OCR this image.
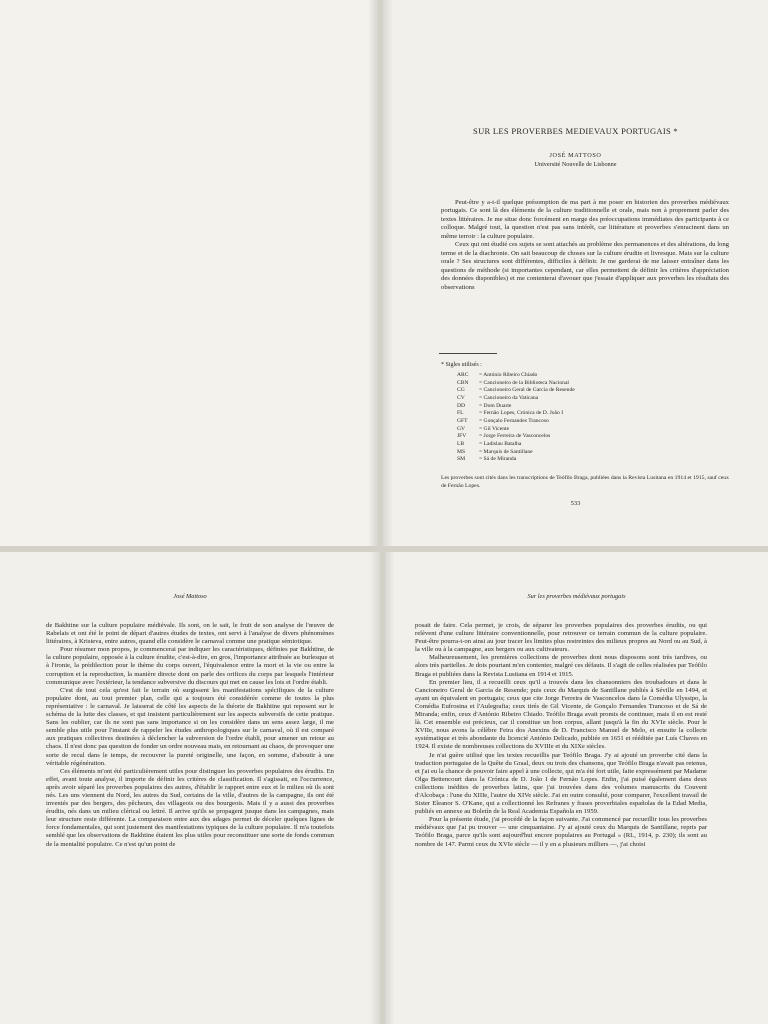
SUR LES PROVERBES MEDIEVAUX PORTUGAIS *
JOSÉ MATTOSO
Université Nouvelle de Lisbonne

Peut-être y a-t-il quelque présomption de ma part à me poser en historien des proverbes médiévaux portugais. Ce sont là des éléments de la culture traditionnelle et orale, mais non à proprement parler des textes littéraires. Je me situe donc forcément en marge des préoccupations immédiates des participants à ce colloque. Malgré tout, la question n'est pas sans intérêt, car littérature et proverbes s'enracinent dans un même terroir : la culture populaire.

Ceux qui ont étudié ces sujets se sont attachés au problème des permanences et des altérations, du long terme et de la diachronie. On sait beaucoup de choses sur la culture érudite et livresque. Mais sur la culture orale ? Ses structures sont différentes, difficiles à définir. Je me garderai de me laisser entraîner dans les questions de méthode (si importantes cependant, car elles permettent de définir les critères d'appréciation des données disponibles) et me contenterai d'avouer que j'essaie d'appliquer aux proverbes les résultats des observations

* Sigles utilisés :
ARC	= António Ribeiro Chiado
CBN	= Cancioneiro de la Biblioteca Nacional
CG	= Cancioneiro Geral de Garcia de Resende
CV	= Cancioneiro da Vaticana
DD	= Dom Duarte
FL	= Fernão Lopes, Crónica de D. João I
GFT	= Gonçalo Fernandes Trancoso
GV	= Gil Vicente
JFV	= Jorge Ferreira de Vasconcelos
LB	= Ladislau Batalha
MS	= Marquis de Santillane
SM	= Sá de Miranda
Les proverbes sont cités dans les transcriptions de Teófilo Braga, publiées dans la Revista Lusitana en 1914 et 1915, sauf ceux de Fernão Lopes.
533
José Mattoso

de Bakhtine sur la culture populaire médiévale. Ils sont, on le sait, le fruit de son analyse de l'œuvre de Rabelais et ont été le point de départ d'autres études de textes, ont servi à l'analyse de divers phénomènes littéraires, à Kristeva, entre autres, quand elle considère le carnaval comme une pratique sémiotique.

Pour résumer mon propos, je commencerai par indiquer les caractéristiques, définies par Bakhtine, de la culture populaire, opposée à la culture érudite, c'est-à-dire, en gros, l'importance attribuée au burlesque et à l'ironie, la prédilection pour le thème du corps ouvert, l'équivalence entre la mort et la vie ou entre la corruption et la reproduction, la manière directe dont on parle des orifices du corps par lesquels l'intérieur communique avec l'extérieur, la tendance subversive du discours qui met en cause les lois et l'ordre établi.

C'est de tout cela qu'est fait le terrain où surgissent les manifestations spécifiques de la culture populaire dont, au tout premier plan, celle qui a toujours été considérée comme de toutes la plus représentative : le carnaval. Je laisserai de côté les aspects de la théorie de Bakhtine qui reposent sur le schéma de la lutte des classes, et qui insistent particulièrement sur les aspects subversifs de cette pratique. Sans les oublier, car ils ne sont pas sans importance si on les considère dans un sens assez large, il me semble plus utile pour l'instant de rappeler les études anthropologiques sur le carnaval, où il est comparé aux pratiques collectives destinées à déclencher la subversion de l'ordre établi, pour amener un retour au chaos. Il n'est donc pas question de fonder un ordre nouveau mais, en retournant au chaos, de provoquer une sorte de recul dans le temps, de recouvrer la pureté originelle, une façon, en somme, d'aboutir à une véritable régénération.

Ces éléments m'ont été particulièrement utiles pour distinguer les proverbes populaires des érudits. En effet, avant toute analyse, il importe de définir les critères de classification. Il s'agissait, en l'occurrence, après avoir séparé les proverbes populaires des autres, d'établir le rapport entre eux et le milieu où ils sont nés. Les uns viennent du Nord, les autres du Sud, certains de la ville, d'autres de la campagne, ils ont été inventés par des bergers, des pêcheurs, des villageois ou des bourgeois. Mais il y a aussi des proverbes érudits, nés dans un milieu clérical ou lettré. Il arrive qu'ils se propagent jusque dans les campagnes, mais leur structure reste différente. La comparaison entre aux des adages permet de déceler quelques lignes de force fondamentales, qui sont justement des manifestations typiques de la culture populaire. Il m'a toutefois semblé que les observations de Bakhtine étaient les plus utiles pour reconstituer une sorte de fonds commun de la mentalité populaire. Ce n'est qu'un point de

Sur les proverbes médiévaux portugais

posait de faire. Cela permet, je crois, de séparer les proverbes populaires des proverbes érudits, ou qui relèvent d'une culture littéraire conventionnelle, pour retrouver ce terrain commun de la culture populaire. Peut-être pourra-t-on ainsi au jour tracer les limites plus restreintes des milieux propres au Nord ou au Sud, à la ville ou à la campagne, aux bergers ou aux cultivateurs.

Malheureusement, les premières collections de proverbes dont nous disposons sont très tardives, ou alors très partielles. Je dois pourtant m'en contenter, malgré ces défauts. Il s'agit de celles réalisées par Teófilo Braga et publiées dans la Revista Lusitana en 1914 et 1915.

En premier lieu, il a recueilli ceux qu'il a trouvés dans les chansonniers des troubadours et dans le Cancioneiro Geral de Garcia de Resende; puis ceux du Marquis de Santillane publiés à Séville en 1494, et ayant un équivalent en portugais; ceux que cite Jorge Ferreira de Vasconcelos dans la Comédia Ulyssipo, la Comédia Eufrosina et l'Aulegrafia; ceux tirés de Gil Vicente, de Gonçalo Fernandes Trancoso et de Sá de Miranda; enfin, ceux d'António Ribeiro Chiado. Teófilo Braga avait promis de continuer, mais il en est resté là. Cet ensemble est précieux, car il constitue un bon corpus, allant jusqu'à la fin du XVIe siècle. Pour le XVIIe, nous avons la célèbre Feira dos Anexins de D. Francisco Manuel de Melo, et ensuite la collecte systématique et très abondante du licencié António Delicado, publiée en 1651 et rééditée par Luís Chaves en 1924. Il existe de nombreuses collections du XVIIIe et du XIXe siècles.

Je n'ai guère utilisé que les textes recueillis par Teófilo Braga. J'y ai ajouté un proverbe cité dans la traduction portugaise de la Quête du Graal, deux ou trois des chansons, que Teófilo Braga n'avait pas retenus, et j'ai eu la chance de pouvoir faire appel à une collecte, qui m'a été fort utile, faite expressément par Madame Olga Bettencourt dans la Crónica de D. João I de Fernão Lopes. Enfin, j'ai puisé également dans deux collections inédites de proverbes latins, que j'ai trouvées dans des volumes manuscrits du Couvent d'Alcobaça : l'une du XIIIe, l'autre du XIVe siècle. J'ai en outre consulté, pour comparer, l'excellent travail de Sister Eleanor S. O'Kane, qui a collectionné les Refranes y frases proverbiales españolas de la Edad Media, publiés en annexe au Boletín de la Real Academia Española en 1959.

Pour la présente étude, j'ai procédé de la façon suivante. J'ai commencé par recueillir tous les proverbes médiévaux que j'ai pu trouver — une cinquantaine. J'y ai ajouté ceux du Marquis de Santillane, repris par Teófilo Braga, parce qu'ils sont aujourd'hui encore populaires au Portugal » (RL, 1914, p. 230); ils sont au nombre de 147. Parmi ceux du XVIe siècle — il y en a plusieurs milliers —, j'ai choisi
